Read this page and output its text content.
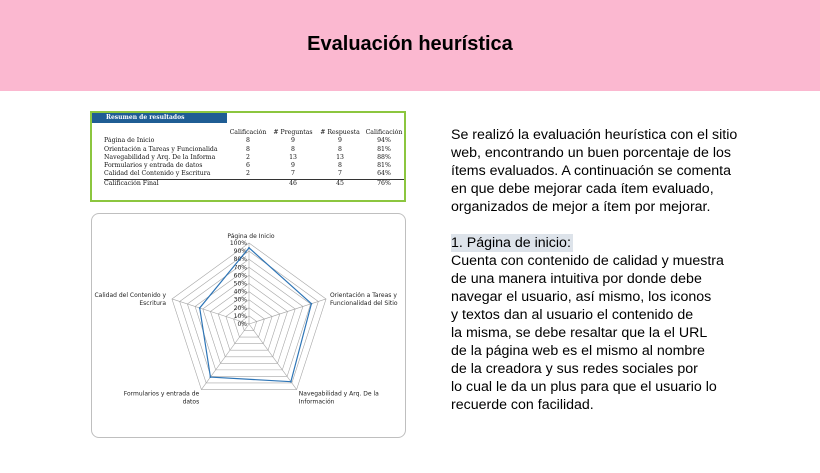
Evaluación heurística
Resumen de resultados
	Calificación	# Preguntas	# Respuesta	Calificación
Página de Inicio	8	9	9	94%
Orientación a Tareas y Funcionalida	8	8	8	81%
Navegabilidad y Arq. De la Informa	2	13	13	88%
Formularios y entrada de datos	6	9	8	81%
Calidad del Contenido y Escritura	2	7	7	64%
Calificación Final		46	45	76%
100%
90%
80%
70%
60%
50%
40%
30%
20%
10%
0%
Página de Inicio
Orientación a Tareas y
Funcionalidad del Sitio
Navegabilidad y Arq. De la
Información
Formularios y entrada de
datos
Calidad del Contenido y
Escritura

Se realizó la evaluación heurística con el sitio

web, encontrando un buen porcentaje de los

ítems evaluados. A continuación se comenta

en que debe mejorar cada ítem evaluado,

organizados de mejor a ítem por mejorar.

1. Página de inicio:

Cuenta con contenido de calidad y muestra

de una manera intuitiva por donde debe

navegar el usuario, así mismo, los iconos

y textos dan al usuario el contenido de

la misma, se debe resaltar que la el URL

de la página web es el mismo al nombre

de la creadora y sus redes sociales por

lo cual le da un plus para que el usuario lo

recuerde con facilidad.
